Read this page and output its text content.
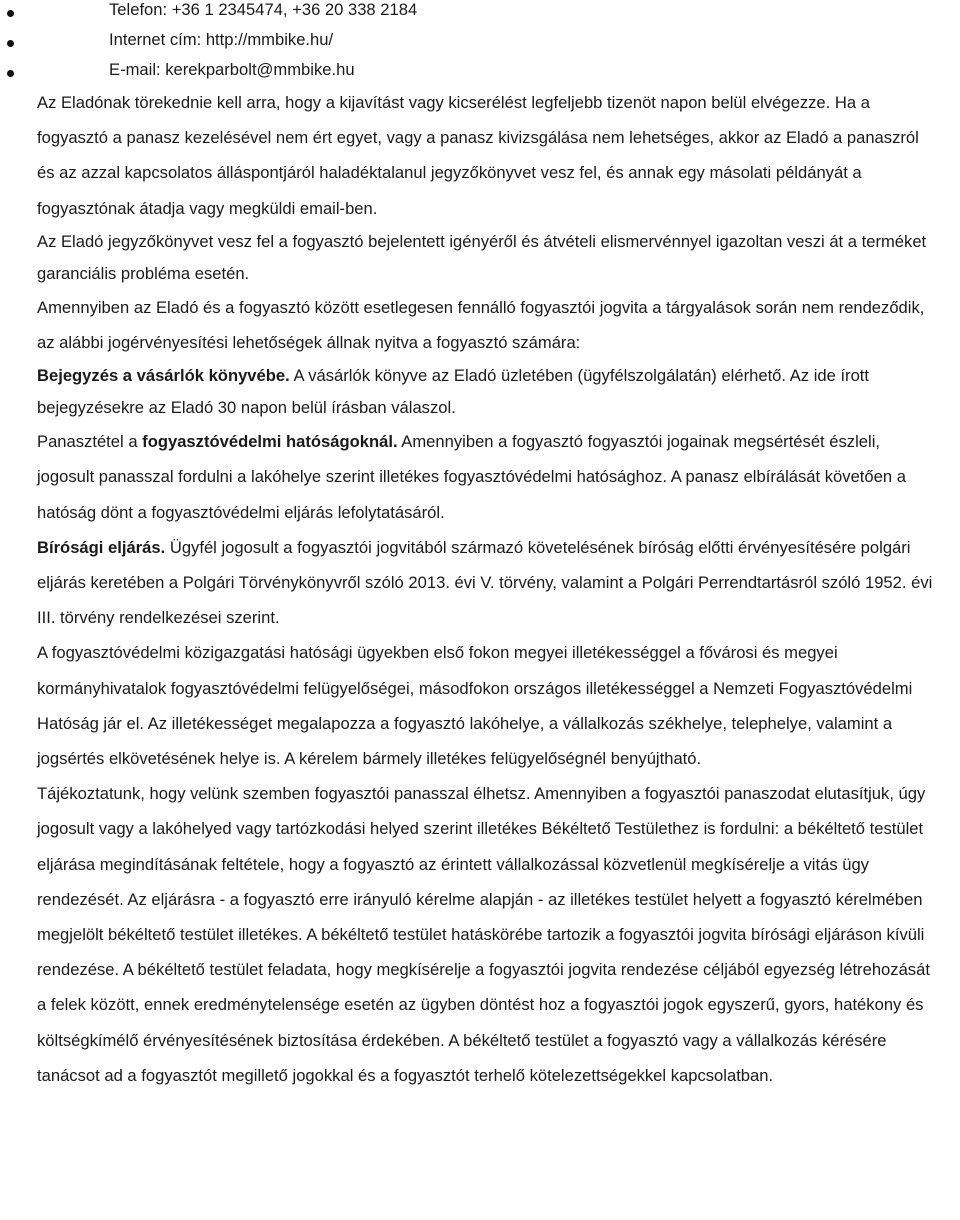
Telefon: +36 1 2345474, +36 20 338 2184
Internet cím: http://mmbike.hu/
E-mail: kerekparbolt@mmbike.hu

Az Eladónak törekednie kell arra, hogy a kijavítást vagy kicserélést legfeljebb tizenöt napon belül elvégezze. Ha a fogyasztó a panasz kezelésével nem ért egyet, vagy a panasz kivizsgálása nem lehetséges, akkor az Eladó a panaszról és az azzal kapcsolatos álláspontjáról haladéktalanul jegyzőkönyvet vesz fel, és annak egy másolati példányát a fogyasztónak átadja vagy megküldi email-ben.

Az Eladó jegyzőkönyvet vesz fel a fogyasztó bejelentett igényéről és átvételi elismervénnyel igazoltan veszi át a terméket garanciális probléma esetén.

Amennyiben az Eladó és a fogyasztó között esetlegesen fennálló fogyasztói jogvita a tárgyalások során nem rendeződik, az alábbi jogérvényesítési lehetőségek állnak nyitva a fogyasztó számára:

Bejegyzés a vásárlók könyvébe. A vásárlók könyve az Eladó üzletében (ügyfélszolgálatán) elérhető. Az ide írott bejegyzésekre az Eladó 30 napon belül írásban válaszol.

Panasztétel a fogyasztóvédelmi hatóságoknál. Amennyiben a fogyasztó fogyasztói jogainak megsértését észleli, jogosult panasszal fordulni a lakóhelye szerint illetékes fogyasztóvédelmi hatósághoz. A panasz elbírálását követően a hatóság dönt a fogyasztóvédelmi eljárás lefolytatásáról.

Bírósági eljárás. Ügyfél jogosult a fogyasztói jogvitából származó követelésének bíróság előtti érvényesítésére polgári eljárás keretében a Polgári Törvénykönyvről szóló 2013. évi V. törvény, valamint a Polgári Perrendtartásról szóló 1952. évi III. törvény rendelkezései szerint.

A fogyasztóvédelmi közigazgatási hatósági ügyekben első fokon megyei illetékességgel a fővárosi és megyei kormányhivatalok fogyasztóvédelmi felügyelőségei, másodfokon országos illetékességgel a Nemzeti Fogyasztóvédelmi Hatóság jár el. Az illetékességet megalapozza a fogyasztó lakóhelye, a vállalkozás székhelye, telephelye, valamint a jogsértés elkövetésének helye is. A kérelem bármely illetékes felügyelőségnél benyújtható.

Tájékoztatunk, hogy velünk szemben fogyasztói panasszal élhetsz. Amennyiben a fogyasztói panaszodat elutasítjuk, úgy jogosult vagy a lakóhelyed vagy tartózkodási helyed szerint illetékes Békéltető Testülethez is fordulni: a békéltető testület eljárása megindításának feltétele, hogy a fogyasztó az érintett vállalkozással közvetlenül megkísérelje a vitás ügy rendezését. Az eljárásra - a fogyasztó erre irányuló kérelme alapján - az illetékes testület helyett a fogyasztó kérelmében megjelölt békéltető testület illetékes. A békéltető testület hatáskörébe tartozik a fogyasztói jogvita bírósági eljáráson kívüli rendezése. A békéltető testület feladata, hogy megkísérelje a fogyasztói jogvita rendezése céljából egyezség létrehozását a felek között, ennek eredménytelensége esetén az ügyben döntést hoz a fogyasztói jogok egyszerű, gyors, hatékony és költségkímélő érvényesítésének biztosítása érdekében. A békéltető testület a fogyasztó vagy a vállalkozás kérésére tanácsot ad a fogyasztót megillető jogokkal és a fogyasztót terhelő kötelezettségekkel kapcsolatban.
